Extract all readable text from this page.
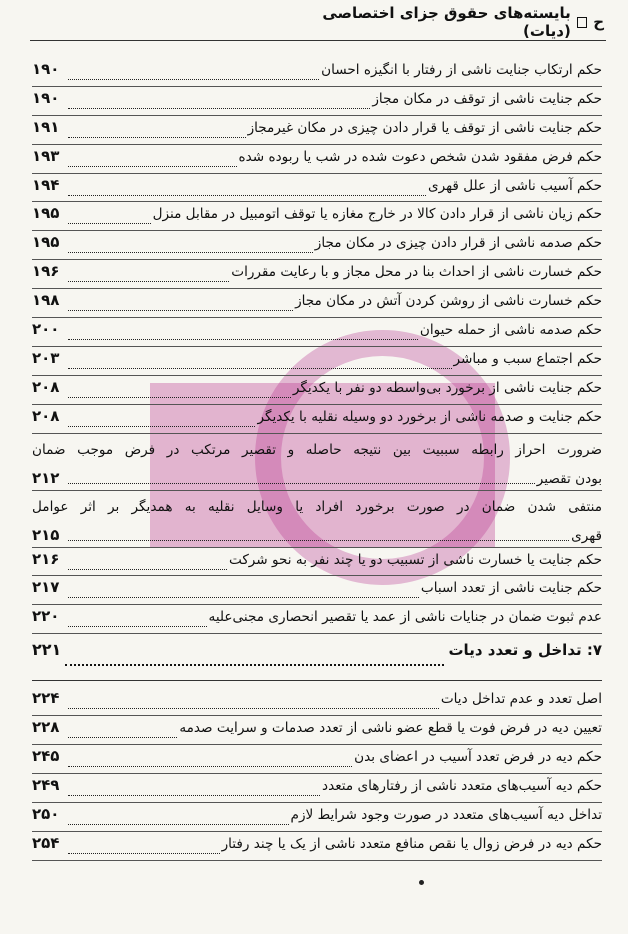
ح
بایسته‌های حقوق جزای اختصاصی (دیات)
حکم ارتکاب جنایت ناشی از رفتار با انگیزه احسان
۱۹۰
حکم جنایت ناشی از توقف در مکان مجاز
۱۹۰
حکم جنایت ناشی از توقف یا قرار دادن چیزی در مکان غیرمجاز
۱۹۱
حکم فرض مفقود شدن شخص دعوت شده در شب یا ربوده شده
۱۹۳
حکم آسیب ناشی از علل قهری
۱۹۴
حکم زیان ناشی از قرار دادن کالا در خارج مغازه یا توقف اتومبیل در مقابل منزل
۱۹۵
حکم صدمه ناشی از قرار دادن چیزی در مکان مجاز
۱۹۵
حکم خسارت ناشی از احداث بنا در محل مجاز و با رعایت مقررات
۱۹۶
حکم خسارت ناشی از روشن کردن آتش در مکان مجاز
۱۹۸
حکم صدمه ناشی از حمله حیوان
۲۰۰
حکم اجتماع سبب و مباشر
۲۰۳
حکم جنایت ناشی از برخورد بی‌واسطه دو نفر با یکدیگر
۲۰۸
حکم جنایت و صدمه ناشی از برخورد دو وسیله نقلیه با یکدیگر
۲۰۸
ضرورت احراز رابطه سببیت بین نتیجه حاصله و تقصیر مرتکب در فرض موجب ضمان
بودن تقصیر
۲۱۲
منتفی شدن ضمان در صورت برخورد افراد یا وسایل نقلیه به همدیگر بر اثر عوامل
قهری
۲۱۵
حکم جنایت یا خسارت ناشی از تسبیب دو یا چند نفر به نحو شرکت
۲۱۶
حکم جنایت ناشی از تعدد اسباب
۲۱۷
عدم ثبوت ضمان در جنایات ناشی از عمد یا تقصیر انحصاری مجنی‌علیه
۲۲۰
۷: تداخل و تعدد دیات
۲۲۱
اصل تعدد و عدم تداخل دیات
۲۲۴
تعیین دیه در فرض فوت یا قطع عضو ناشی از تعدد صدمات و سرایت صدمه
۲۲۸
حکم دیه در فرض تعدد آسیب در اعضای بدن
۲۴۵
حکم دیه آسیب‌های متعدد ناشی از رفتارهای متعدد
۲۴۹
تداخل دیه آسیب‌های متعدد در صورت وجود شرایط لازم
۲۵۰
حکم دیه در فرض زوال یا نقص منافع متعدد ناشی از یک یا چند رفتار
۲۵۴
